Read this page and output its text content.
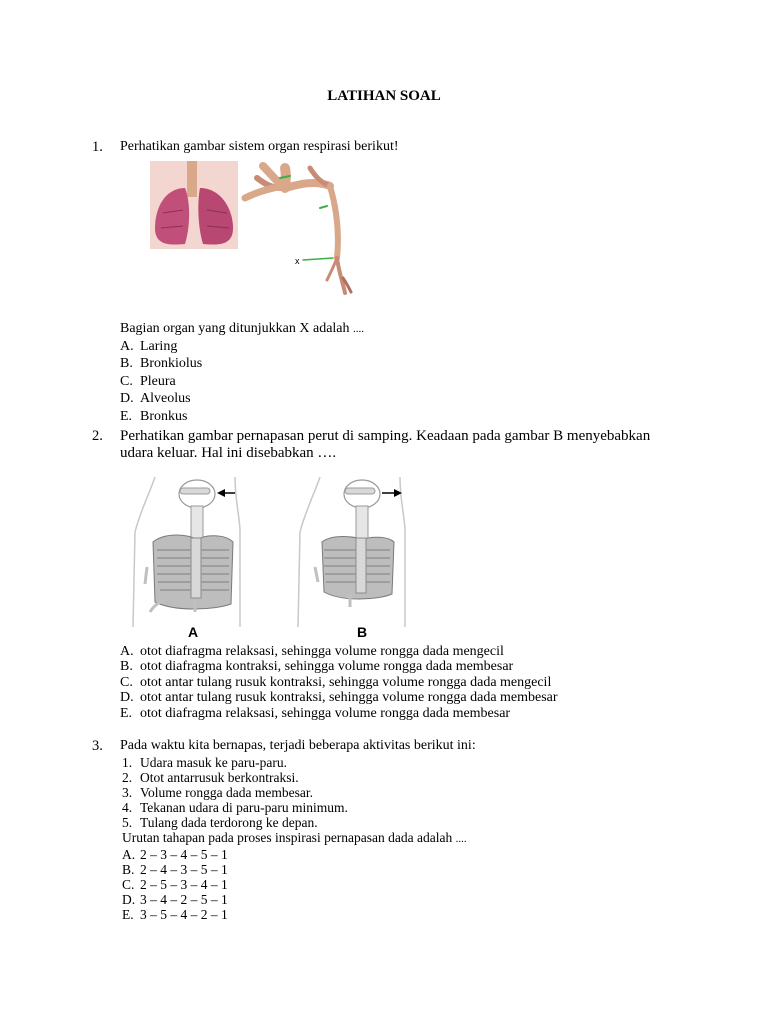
LATIHAN SOAL
1. Perhatikan gambar sistem organ respirasi berikut!
x
Bagian organ yang ditunjukkan X adalah ....
A. Laring
B. Bronkiolus
C. Pleura
D. Alveolus
E. Bronkus
2. Perhatikan gambar pernapasan perut di samping. Keadaan pada gambar B menyebabkan
udara keluar. Hal ini disebabkan ….
A	B
A. otot diafragma relaksasi, sehingga volume rongga dada mengecil
B. otot diafragma kontraksi, sehingga volume rongga dada membesar
C. otot antar tulang rusuk kontraksi, sehingga volume rongga dada mengecil
D. otot antar tulang rusuk kontraksi, sehingga volume rongga dada membesar
E. otot diafragma relaksasi, sehingga volume rongga dada membesar
3. Pada waktu kita bernapas, terjadi beberapa aktivitas berikut ini:
1. Udara masuk ke paru-paru.
2. Otot antarrusuk berkontraksi.
3. Volume rongga dada membesar.
4. Tekanan udara di paru-paru minimum.
5. Tulang dada terdorong ke depan.
Urutan tahapan pada proses inspirasi pernapasan dada adalah ....
A. 2 – 3 – 4 – 5 – 1
B. 2 – 4 – 3 – 5 – 1
C. 2 – 5 – 3 – 4 – 1
D. 3 – 4 – 2 – 5 – 1
E. 3 – 5 – 4 – 2 – 1
